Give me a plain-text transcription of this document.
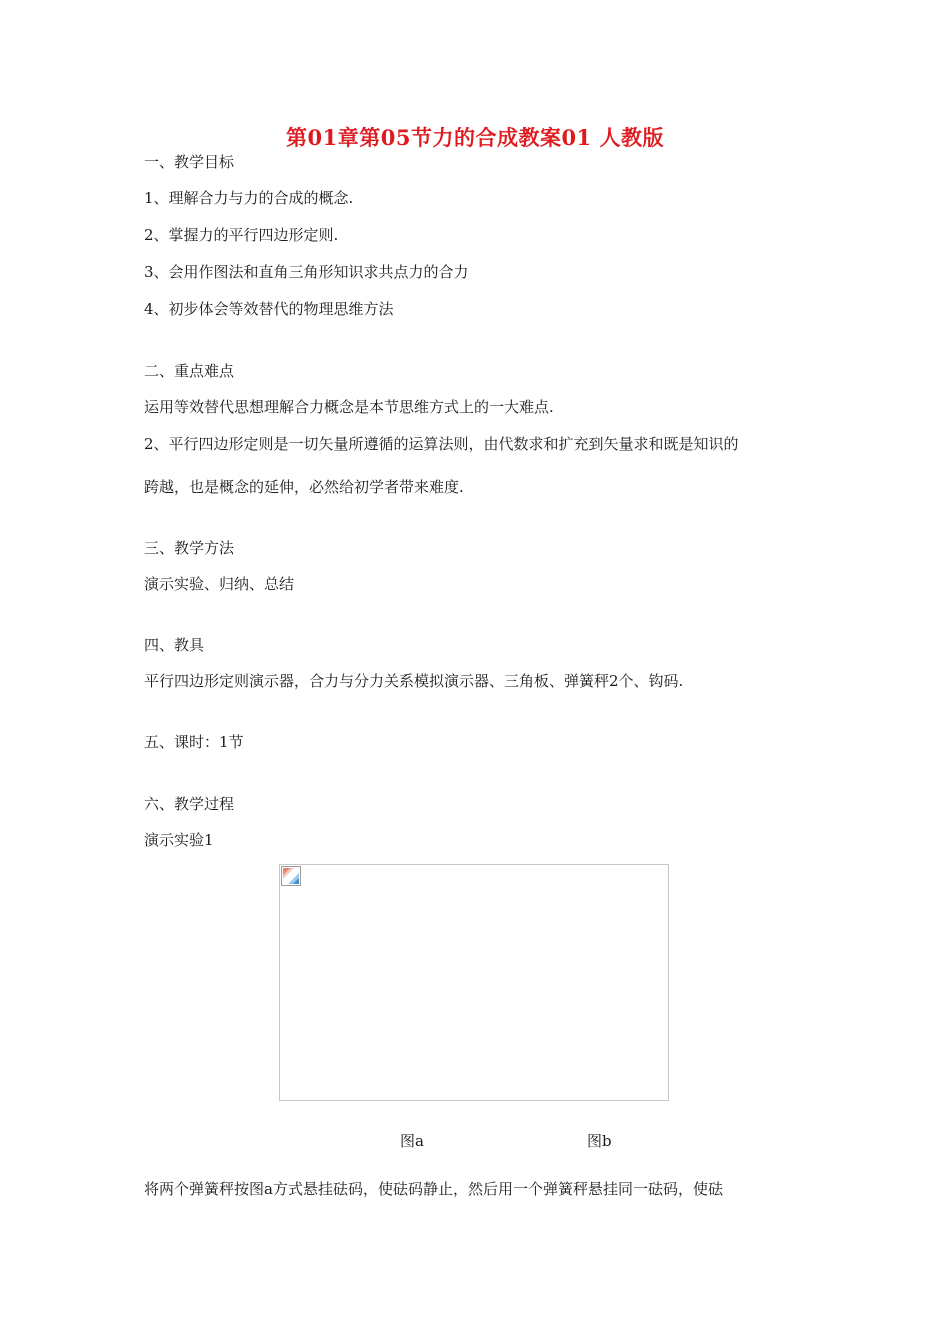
第01章第05节力的合成教案01 人教版
一、教学目标
1、理解合力与力的合成的概念.
2、掌握力的平行四边形定则.
3、会用作图法和直角三角形知识求共点力的合力
4、初步体会等效替代的物理思维方法
二、重点难点
运用等效替代思想理解合力概念是本节思维方式上的一大难点.
2、平行四边形定则是一切矢量所遵循的运算法则，由代数求和扩充到矢量求和既是知识的
跨越，也是概念的延伸，必然给初学者带来难度.
三、教学方法
演示实验、归纳、总结
四、教具
平行四边形定则演示器，合力与分力关系模拟演示器、三角板、弹簧秤2个、钩码.
五、课时：1节
六、教学过程
演示实验1
图a	图b
将两个弹簧秤按图a方式悬挂砝码，使砝码静止，然后用一个弹簧秤悬挂同一砝码，使砝
